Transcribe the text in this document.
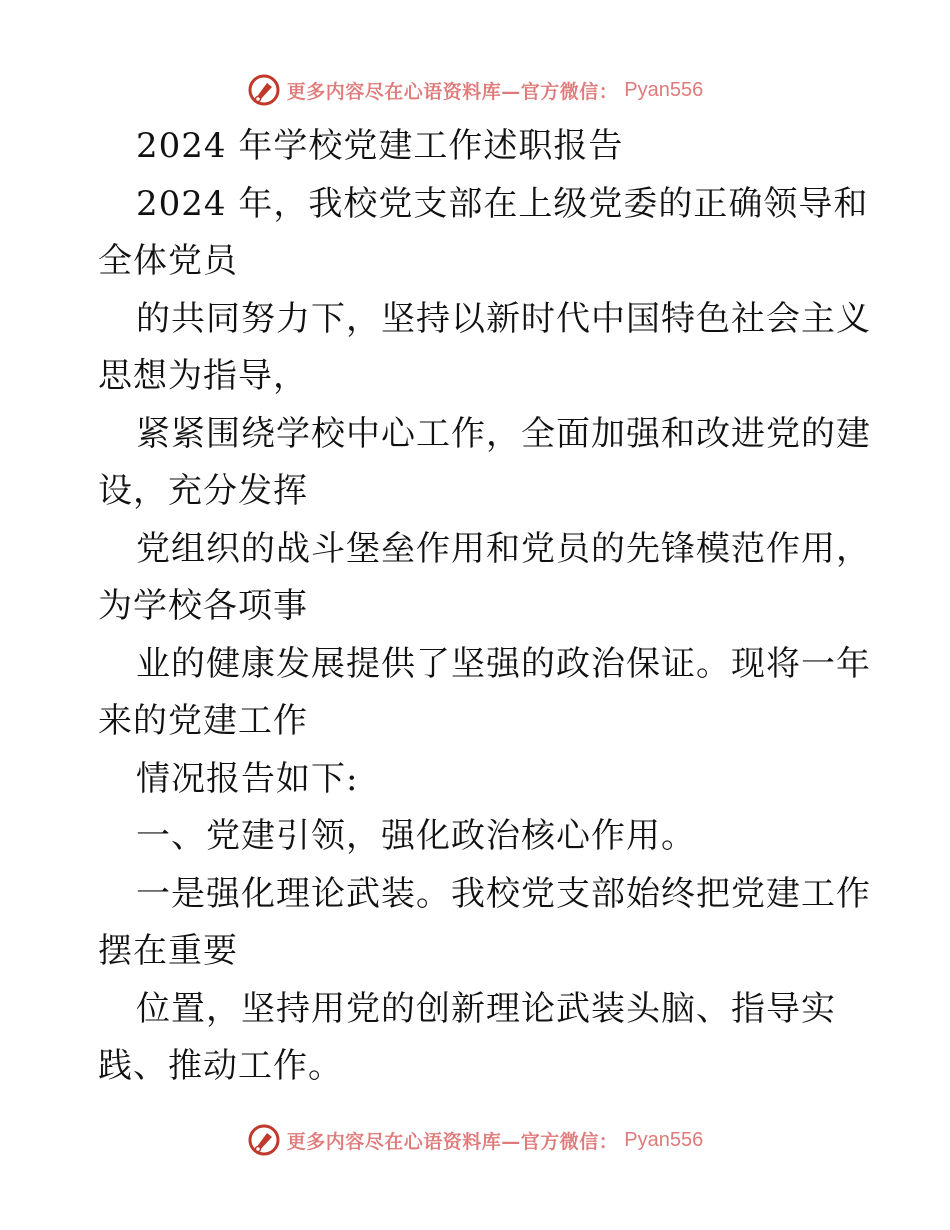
更多内容尽在心语资料库—官方微信： Pyan556
2024 年学校党建工作述职报告
2024 年，我校党支部在上级党委的正确领导和
全体党员
的共同努力下，坚持以新时代中国特色社会主义
思想为指导，
紧紧围绕学校中心工作，全面加强和改进党的建
设，充分发挥
党组织的战斗堡垒作用和党员的先锋模范作用，
为学校各项事
业的健康发展提供了坚强的政治保证。现将一年
来的党建工作
情况报告如下:
一、党建引领，强化政治核心作用。
一是强化理论武装。我校党支部始终把党建工作
摆在重要
位置，坚持用党的创新理论武装头脑、指导实
践、推动工作。
更多内容尽在心语资料库—官方微信： Pyan556
